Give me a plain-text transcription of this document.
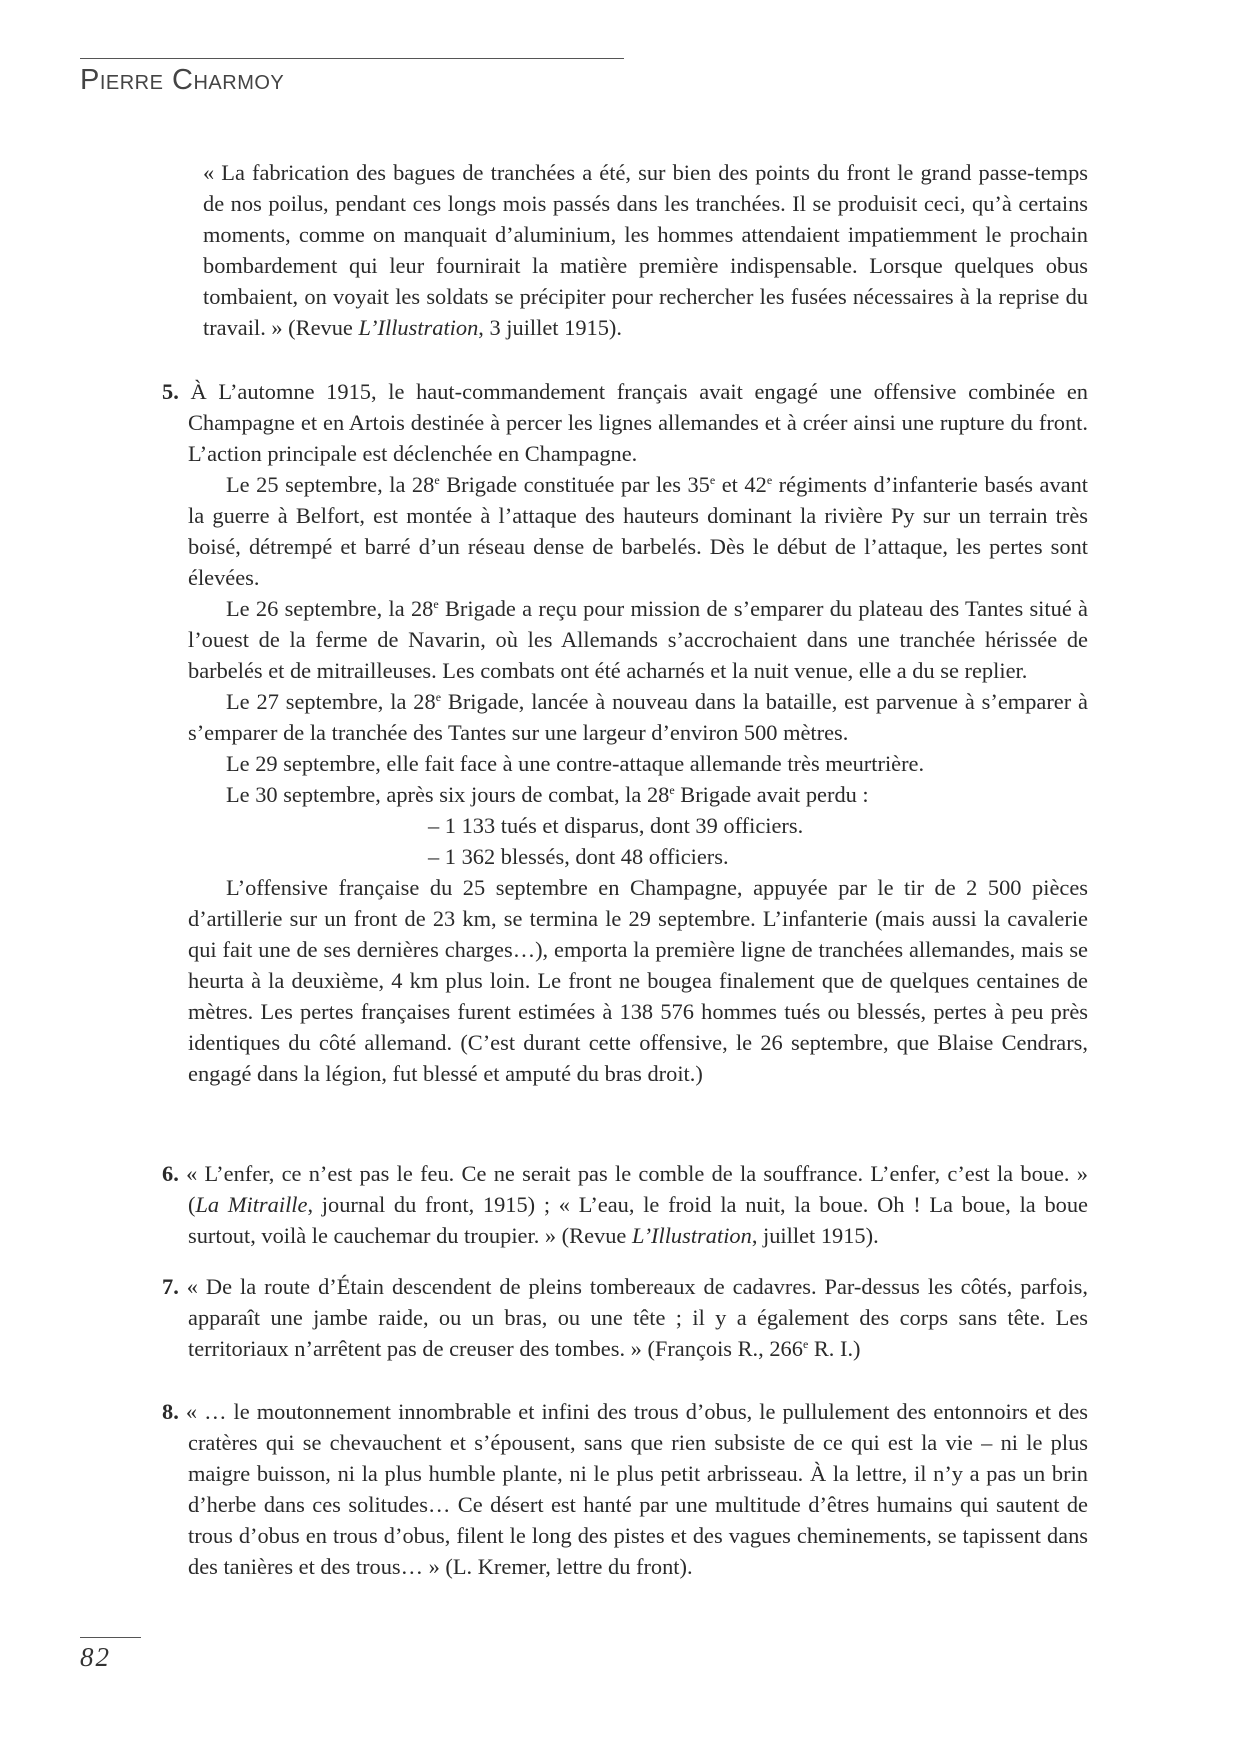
Pierre Charmoy
« La fabrication des bagues de tranchées a été, sur bien des points du front le grand passe-temps de nos poilus, pendant ces longs mois passés dans les tranchées. Il se produisit ceci, qu’à certains moments, comme on manquait d’aluminium, les hommes attendaient impatiemment le prochain bombardement qui leur fournirait la matière première indispensable. Lorsque quelques obus tombaient, on voyait les soldats se précipiter pour rechercher les fusées nécessaires à la reprise du travail. » (Revue L’Illustration, 3 juillet 1915).

5. À L’automne 1915, le haut-commandement français avait engagé une offensive combinée en Champagne et en Artois destinée à percer les lignes allemandes et à créer ainsi une rupture du front. L’action principale est déclenchée en Champagne.

Le 25 septembre, la 28e Brigade constituée par les 35e et 42e régiments d’infanterie basés avant la guerre à Belfort, est montée à l’attaque des hauteurs dominant la rivière Py sur un terrain très boisé, détrempé et barré d’un réseau dense de barbelés. Dès le début de l’attaque, les pertes sont élevées.

Le 26 septembre, la 28e Brigade a reçu pour mission de s’emparer du plateau des Tantes situé à l’ouest de la ferme de Navarin, où les Allemands s’accrochaient dans une tranchée hérissée de barbelés et de mitrailleuses. Les combats ont été acharnés et la nuit venue, elle a du se replier.

Le 27 septembre, la 28e Brigade, lancée à nouveau dans la bataille, est parvenue à s’emparer à s’emparer de la tranchée des Tantes sur une largeur d’environ 500 mètres.

Le 29 septembre, elle fait face à une contre-attaque allemande très meurtrière.

Le 30 septembre, après six jours de combat, la 28e Brigade avait perdu :

– 1 133 tués et disparus, dont 39 officiers.

– 1 362 blessés, dont 48 officiers.

L’offensive française du 25 septembre en Champagne, appuyée par le tir de 2 500 pièces d’artillerie sur un front de 23 km, se termina le 29 septembre. L’infanterie (mais aussi la cavalerie qui fait une de ses dernières charges…), emporta la première ligne de tranchées allemandes, mais se heurta à la deuxième, 4 km plus loin. Le front ne bougea finalement que de quelques centaines de mètres. Les pertes françaises furent estimées à 138 576 hommes tués ou blessés, pertes à peu près identiques du côté allemand. (C’est durant cette offensive, le 26 septembre, que Blaise Cendrars, engagé dans la légion, fut blessé et amputé du bras droit.)

6. « L’enfer, ce n’est pas le feu. Ce ne serait pas le comble de la souffrance. L’enfer, c’est la boue. » (La Mitraille, journal du front, 1915) ; « L’eau, le froid la nuit, la boue. Oh ! La boue, la boue surtout, voilà le cauchemar du troupier. » (Revue L’Illustration, juillet 1915).

7. « De la route d’Étain descendent de pleins tombereaux de cadavres. Par-dessus les côtés, parfois, apparaît une jambe raide, ou un bras, ou une tête ; il y a également des corps sans tête. Les territoriaux n’arrêtent pas de creuser des tombes. » (François R., 266e R. I.)

8. « … le moutonnement innombrable et infini des trous d’obus, le pullulement des entonnoirs et des cratères qui se chevauchent et s’épousent, sans que rien subsiste de ce qui est la vie – ni le plus maigre buisson, ni la plus humble plante, ni le plus petit arbrisseau. À la lettre, il n’y a pas un brin d’herbe dans ces solitudes… Ce désert est hanté par une multitude d’êtres humains qui sautent de trous d’obus en trous d’obus, filent le long des pistes et des vagues cheminements, se tapissent dans des tanières et des trous… » (L. Kremer, lettre du front).

82
